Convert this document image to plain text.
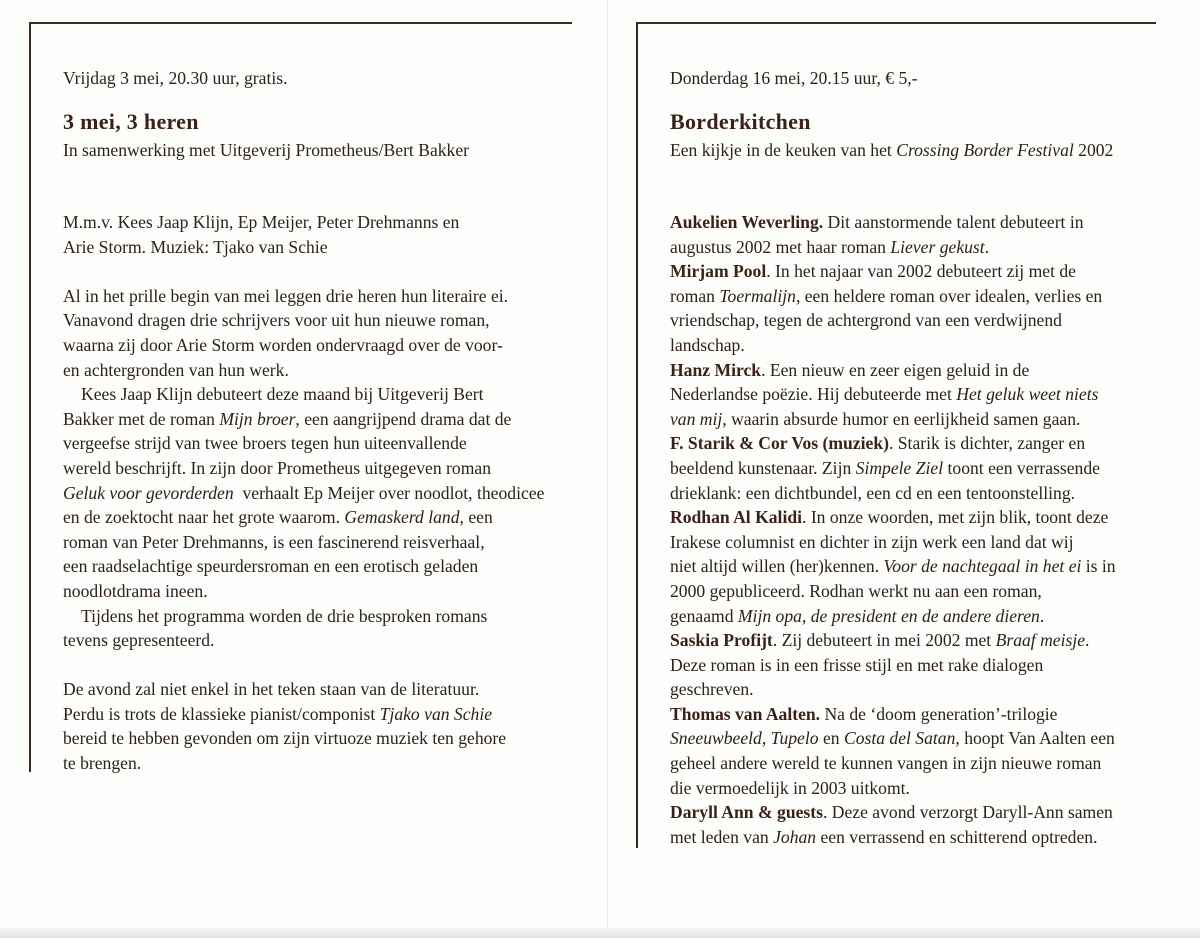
Vrijdag 3 mei, 20.30 uur, gratis.
3 mei, 3 heren
In samenwerking met Uitgeverij Prometheus/Bert Bakker
M.m.v. Kees Jaap Klijn, Ep Meijer, Peter Drehmanns en
Arie Storm. Muziek: Tjako van Schie
Al in het prille begin van mei leggen drie heren hun literaire ei.
Vanavond dragen drie schrijvers voor uit hun nieuwe roman,
waarna zij door Arie Storm worden ondervraagd over de voor-
en achtergronden van hun werk.
Kees Jaap Klijn debuteert deze maand bij Uitgeverij Bert
Bakker met de roman Mijn broer, een aangrijpend drama dat de
vergeefse strijd van twee broers tegen hun uiteenvallende
wereld beschrijft. In zijn door Prometheus uitgegeven roman
Geluk voor gevorderden  verhaalt Ep Meijer over noodlot, theodicee
en de zoektocht naar het grote waarom. Gemaskerd land, een
roman van Peter Drehmanns, is een fascinerend reisverhaal,
een raadselachtige speurdersroman en een erotisch geladen
noodlotdrama ineen.
Tijdens het programma worden de drie besproken romans
tevens gepresenteerd.
De avond zal niet enkel in het teken staan van de literatuur.
Perdu is trots de klassieke pianist/componist Tjako van Schie
bereid te hebben gevonden om zijn virtuoze muziek ten gehore
te brengen.
Donderdag 16 mei, 20.15 uur, € 5,-
Borderkitchen
Een kijkje in de keuken van het Crossing Border Festival 2002
Aukelien Weverling. Dit aanstormende talent debuteert in
augustus 2002 met haar roman Liever gekust.
Mirjam Pool. In het najaar van 2002 debuteert zij met de
roman Toermalijn, een heldere roman over idealen, verlies en
vriendschap, tegen de achtergrond van een verdwijnend
landschap.
Hanz Mirck. Een nieuw en zeer eigen geluid in de
Nederlandse poëzie. Hij debuteerde met Het geluk weet niets
van mij, waarin absurde humor en eerlijkheid samen gaan.
F. Starik & Cor Vos (muziek). Starik is dichter, zanger en
beeldend kunstenaar. Zijn Simpele Ziel toont een verrassende
drieklank: een dichtbundel, een cd en een tentoonstelling.
Rodhan Al Kalidi. In onze woorden, met zijn blik, toont deze
Irakese columnist en dichter in zijn werk een land dat wij
niet altijd willen (her)kennen. Voor de nachtegaal in het ei is in
2000 gepubliceerd. Rodhan werkt nu aan een roman,
genaamd Mijn opa, de president en de andere dieren.
Saskia Profijt. Zij debuteert in mei 2002 met Braaf meisje.
Deze roman is in een frisse stijl en met rake dialogen
geschreven.
Thomas van Aalten. Na de ‘doom generation’-trilogie
Sneeuwbeeld, Tupelo en Costa del Satan, hoopt Van Aalten een
geheel andere wereld te kunnen vangen in zijn nieuwe roman
die vermoedelijk in 2003 uitkomt.
Daryll Ann & guests. Deze avond verzorgt Daryll-Ann samen
met leden van Johan een verrassend en schitterend optreden.
